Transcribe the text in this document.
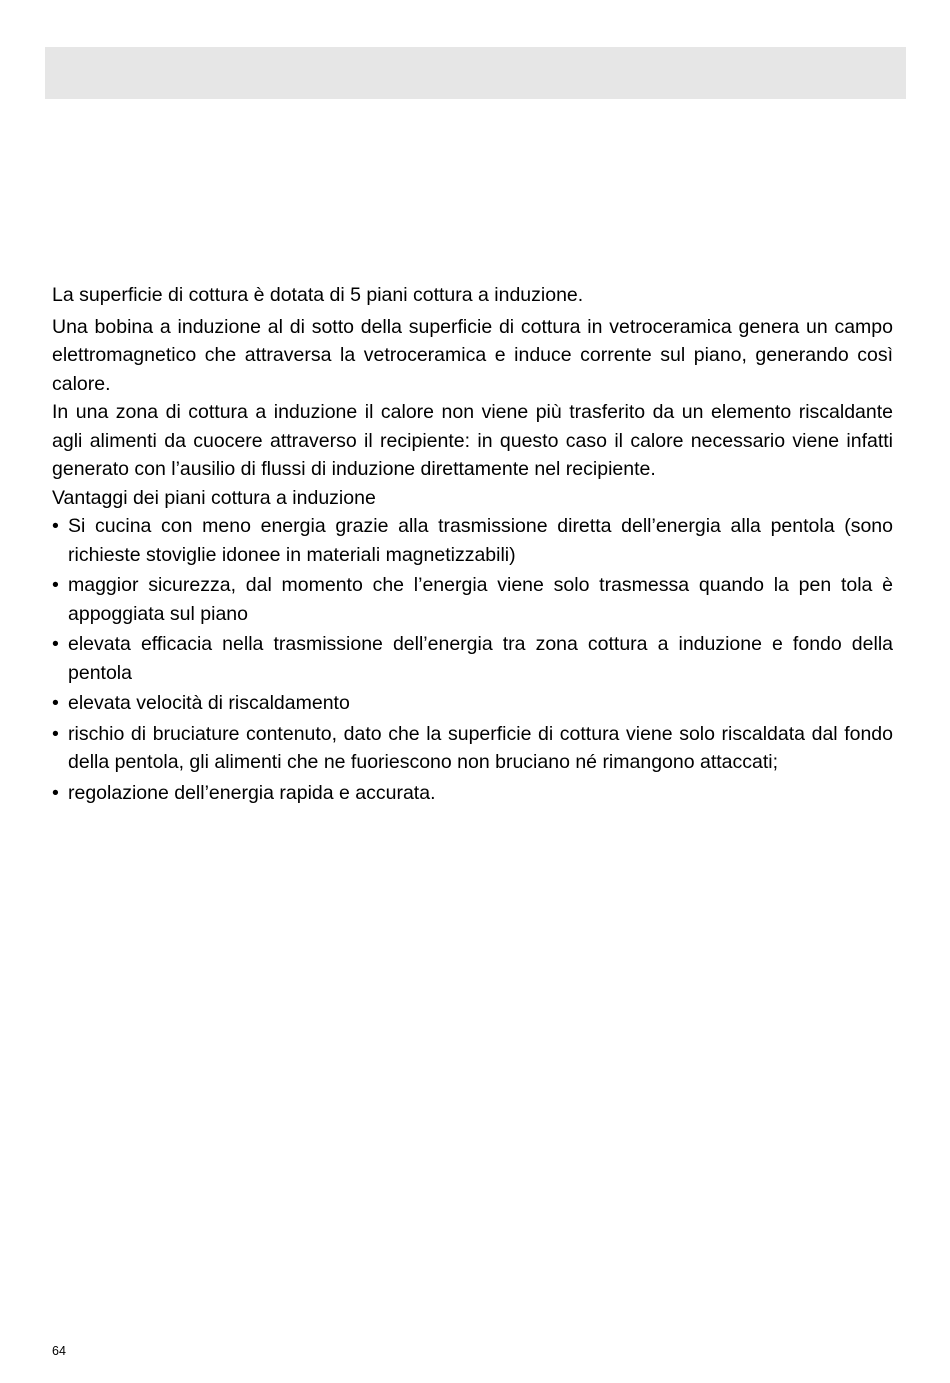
La superficie di cottura è dotata di 5 piani cottura a induzione.

Una bobina a induzione al di sotto della superficie di cottura in vetroceramica genera un campo elettromagnetico che attraversa la vetroceramica e induce corrente sul piano, generando così calore.

In una zona di cottura a induzione il calore non viene più trasferito da un elemento riscaldante agli alimenti da cuocere attraverso il recipiente: in questo caso il calore necessario viene infatti generato con l’ausilio di flussi di induzione direttamente nel recipiente.

Vantaggi dei piani cottura a induzione

• Si cucina con meno energia grazie alla trasmissione diretta dell’energia alla pentola (sono richieste stoviglie idonee in materiali magnetizzabili)
• maggior sicurezza, dal momento che l’energia viene solo trasmessa quando la pen tola è appoggiata sul piano
• elevata efficacia nella trasmissione dell’energia tra zona cottura a induzione e fondo della pentola
• elevata velocità di riscaldamento
• rischio di bruciature contenuto, dato che la superficie di cottura viene solo riscaldata dal fondo della pentola, gli alimenti che ne fuoriescono non bruciano né rimangono attaccati;
• regolazione dell’energia rapida e accurata.
64
